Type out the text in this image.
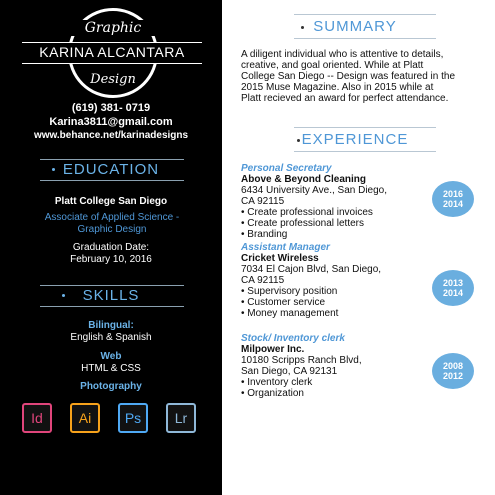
Graphic
Design
KARINA ALCANTARA
(619) 381- 0719
Karina3811@gmail.com
www.behance.net/karinadesigns
EDUCATION
Platt College San Diego
Associate of Applied Science - Graphic Design
Graduation Date:
February 10, 2016
SKILLS
Bilingual:
English & Spanish
Web
HTML & CSS
Photography
Id	Ai	Ps	Lr
SUMMARY
A diligent individual who is attentive to details, creative, and goal oriented. While at Platt College San Diego -- Design was featured in the 2015 Muse Magazine. Also in 2015 while at Platt recieved an award for perfect attendance.
EXPERIENCE
Personal Secretary
Above & Beyond Cleaning
6434 University Ave., San Diego,
CA 92115
• Create professional invoices
• Create professional letters
• Branding
2016
2014
Assistant Manager
Cricket Wireless
7034 El Cajon Blvd, San Diego,
CA 92115
• Supervisory position
• Customer service
• Money management
2013
2014
Stock/ Inventory clerk
Milpower Inc.
10180 Scripps Ranch Blvd,
San Diego, CA 92131
• Inventory clerk
• Organization
2008
2012
